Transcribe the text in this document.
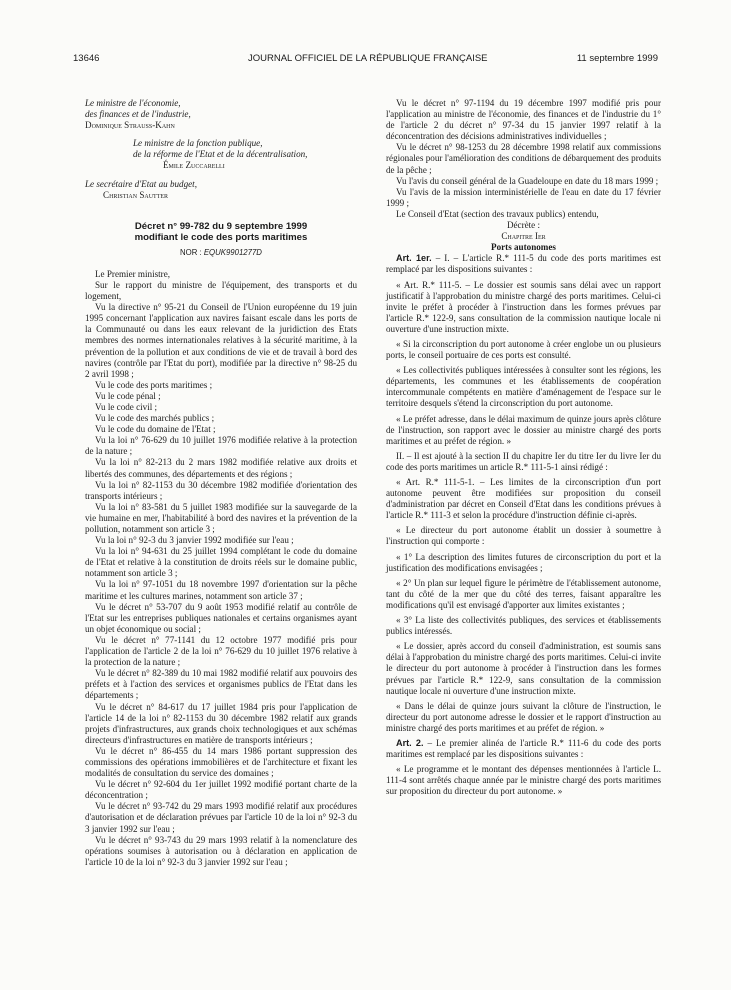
13646	JOURNAL OFFICIEL DE LA RÉPUBLIQUE FRANÇAISE	11 septembre 1999

Le ministre de l'économie,

des finances et de l'industrie,

Dominique Strauss-Kahn

Le ministre de la fonction publique,

de la réforme de l'Etat et de la décentralisation,

Émile Zuccarelli

Le secrétaire d'Etat au budget,

Christian Sautter

Décret n° 99-782 du 9 septembre 1999
modifiant le code des ports maritimes
NOR : EQUK9901277D

Le Premier ministre,

Sur le rapport du ministre de l'équipement, des transports et du logement,

Vu la directive n° 95-21 du Conseil de l'Union européenne du 19 juin 1995 concernant l'application aux navires faisant escale dans les ports de la Communauté ou dans les eaux relevant de la juridiction des Etats membres des normes internationales relatives à la sécurité maritime, à la prévention de la pollution et aux conditions de vie et de travail à bord des navires (contrôle par l'Etat du port), modifiée par la directive n° 98-25 du 2 avril 1998 ;

Vu le code des ports maritimes ;

Vu le code pénal ;

Vu le code civil ;

Vu le code des marchés publics ;

Vu le code du domaine de l'Etat ;

Vu la loi n° 76-629 du 10 juillet 1976 modifiée relative à la protection de la nature ;

Vu la loi n° 82-213 du 2 mars 1982 modifiée relative aux droits et libertés des communes, des départements et des régions ;

Vu la loi n° 82-1153 du 30 décembre 1982 modifiée d'orientation des transports intérieurs ;

Vu la loi n° 83-581 du 5 juillet 1983 modifiée sur la sauvegarde de la vie humaine en mer, l'habitabilité à bord des navires et la prévention de la pollution, notamment son article 3 ;

Vu la loi n° 92-3 du 3 janvier 1992 modifiée sur l'eau ;

Vu la loi n° 94-631 du 25 juillet 1994 complétant le code du domaine de l'Etat et relative à la constitution de droits réels sur le domaine public, notamment son article 3 ;

Vu la loi n° 97-1051 du 18 novembre 1997 d'orientation sur la pêche maritime et les cultures marines, notamment son article 37 ;

Vu le décret n° 53-707 du 9 août 1953 modifié relatif au contrôle de l'Etat sur les entreprises publiques nationales et certains organismes ayant un objet économique ou social ;

Vu le décret n° 77-1141 du 12 octobre 1977 modifié pris pour l'application de l'article 2 de la loi n° 76-629 du 10 juillet 1976 relative à la protection de la nature ;

Vu le décret n° 82-389 du 10 mai 1982 modifié relatif aux pouvoirs des préfets et à l'action des services et organismes publics de l'Etat dans les départements ;

Vu le décret n° 84-617 du 17 juillet 1984 pris pour l'application de l'article 14 de la loi n° 82-1153 du 30 décembre 1982 relatif aux grands projets d'infrastructures, aux grands choix technologiques et aux schémas directeurs d'infrastructures en matière de transports intérieurs ;

Vu le décret n° 86-455 du 14 mars 1986 portant suppression des commissions des opérations immobilières et de l'architecture et fixant les modalités de consultation du service des domaines ;

Vu le décret n° 92-604 du 1er juillet 1992 modifié portant charte de la déconcentration ;

Vu le décret n° 93-742 du 29 mars 1993 modifié relatif aux procédures d'autorisation et de déclaration prévues par l'article 10 de la loi n° 92-3 du 3 janvier 1992 sur l'eau ;

Vu le décret n° 93-743 du 29 mars 1993 relatif à la nomenclature des opérations soumises à autorisation ou à déclaration en application de l'article 10 de la loi n° 92-3 du 3 janvier 1992 sur l'eau ;

Vu le décret n° 97-1194 du 19 décembre 1997 modifié pris pour l'application au ministre de l'économie, des finances et de l'industrie du 1° de l'article 2 du décret n° 97-34 du 15 janvier 1997 relatif à la déconcentration des décisions administratives individuelles ;

Vu le décret n° 98-1253 du 28 décembre 1998 relatif aux commissions régionales pour l'amélioration des conditions de débarquement des produits de la pêche ;

Vu l'avis du conseil général de la Guadeloupe en date du 18 mars 1999 ;

Vu l'avis de la mission interministérielle de l'eau en date du 17 février 1999 ;

Le Conseil d'Etat (section des travaux publics) entendu,

Décrète :

Chapitre Ier

Ports autonomes

Art. 1er. – I. – L'article R.* 111-5 du code des ports maritimes est remplacé par les dispositions suivantes :

« Art. R.* 111-5. – Le dossier est soumis sans délai avec un rapport justificatif à l'approbation du ministre chargé des ports maritimes. Celui-ci invite le préfet à procéder à l'instruction dans les formes prévues par l'article R.* 122-9, sans consultation de la commission nautique locale ni ouverture d'une instruction mixte.

« Si la circonscription du port autonome à créer englobe un ou plusieurs ports, le conseil portuaire de ces ports est consulté.

« Les collectivités publiques intéressées à consulter sont les régions, les départements, les communes et les établissements de coopération intercommunale compétents en matière d'aménagement de l'espace sur le territoire desquels s'étend la circonscription du port autonome.

« Le préfet adresse, dans le délai maximum de quinze jours après clôture de l'instruction, son rapport avec le dossier au ministre chargé des ports maritimes et au préfet de région. »

II. – Il est ajouté à la section II du chapitre Ier du titre Ier du livre Ier du code des ports maritimes un article R.* 111-5-1 ainsi rédigé :

« Art. R.* 111-5-1. – Les limites de la circonscription d'un port autonome peuvent être modifiées sur proposition du conseil d'administration par décret en Conseil d'Etat dans les conditions prévues à l'article R.* 111-3 et selon la procédure d'instruction définie ci-après.

« Le directeur du port autonome établit un dossier à soumettre à l'instruction qui comporte :

« 1° La description des limites futures de circonscription du port et la justification des modifications envisagées ;

« 2° Un plan sur lequel figure le périmètre de l'établissement autonome, tant du côté de la mer que du côté des terres, faisant apparaître les modifications qu'il est envisagé d'apporter aux limites existantes ;

« 3° La liste des collectivités publiques, des services et établissements publics intéressés.

« Le dossier, après accord du conseil d'administration, est soumis sans délai à l'approbation du ministre chargé des ports maritimes. Celui-ci invite le directeur du port autonome à procéder à l'instruction dans les formes prévues par l'article R.* 122-9, sans consultation de la commission nautique locale ni ouverture d'une instruction mixte.

« Dans le délai de quinze jours suivant la clôture de l'instruction, le directeur du port autonome adresse le dossier et le rapport d'instruction au ministre chargé des ports maritimes et au préfet de région. »

Art. 2. – Le premier alinéa de l'article R.* 111-6 du code des ports maritimes est remplacé par les dispositions suivantes :

« Le programme et le montant des dépenses mentionnées à l'article L. 111-4 sont arrêtés chaque année par le ministre chargé des ports maritimes sur proposition du directeur du port autonome. »
